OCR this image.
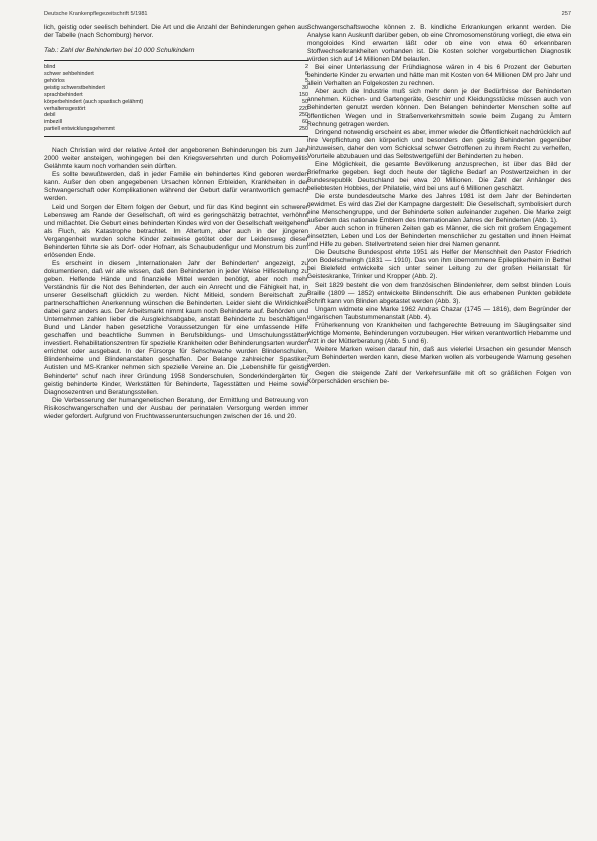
Deutsche Krankenpflegezeitschrift 5/1981	257

lich, geistig oder seelisch behindert. Die Art und die Anzahl der Behinderungen gehen aus der Tabelle (nach Schomburg) hervor.

Tab.: Zahl der Behinderten bei 10 000 Schulkindern
blind	2
schwer sehbehindert	6
gehörlos	5
geistig schwerstbehindert	30
sprachbehindert	150
körperbehindert (auch spastisch gelähmt)	50
verhaltensgestört	220
debil	250
imbezill	60
partiell entwicklungsgehemmt	250

Nach Christian wird der relative Anteil der angeborenen Behinderungen bis zum Jahr 2000 weiter ansteigen, wohingegen bei den Kriegsversehrten und durch Poliomyelitis Gelähmte kaum noch vorhanden sein dürften.

Es sollte bewußtwerden, daß in jeder Familie ein behindertes Kind geboren werden kann. Außer den oben angegebenen Ursachen können Erbleiden, Krankheiten in der Schwangerschaft oder Komplikationen während der Geburt dafür verantwortlich gemacht werden.

Leid und Sorgen der Eltern folgen der Geburt, und für das Kind beginnt ein schwerer Lebensweg am Rande der Gesellschaft, oft wird es geringschätzig betrachtet, verhöhnt und mißachtet. Die Geburt eines behinderten Kindes wird von der Gesellschaft weitgehend als Fluch, als Katastrophe betrachtet. Im Altertum, aber auch in der jüngeren Vergangenheit wurden solche Kinder zeitweise getötet oder der Leidensweg dieser Behinderten führte sie als Dorf- oder Hofnarr, als Schaubudenfigur und Monstrum bis zum erlösenden Ende.

Es erscheint in diesem „Internationalen Jahr der Behinderten“ angezeigt, zu dokumentieren, daß wir alle wissen, daß den Behinderten in jeder Weise Hilfestellung zu geben. Helfende Hände und finanzielle Mittel werden benötigt, aber noch mehr Verständnis für die Not des Behinderten, der auch ein Anrecht und die Fähigkeit hat, in unserer Gesellschaft glücklich zu werden. Nicht Mitleid, sondern Bereitschaft zur partnerschaftlichen Anerkennung wünschen die Behinderten. Leider sieht die Wirklichkeit dabei ganz anders aus. Der Arbeitsmarkt nimmt kaum noch Behinderte auf. Behörden und Unternehmen zahlen lieber die Ausgleichsabgabe, anstatt Behinderte zu beschäftigen. Bund und Länder haben gesetzliche Voraussetzungen für eine umfassende Hilfe geschaffen und beachtliche Summen in Berufsbildungs- und Umschulungsstätten investiert. Rehabilitationszentren für spezielle Krankheiten oder Behinderungsarten wurden errichtet oder ausgebaut. In der Fürsorge für Sehschwache wurden Blindenschulen, Blindenheime und Blindenanstalten geschaffen. Der Belange zahlreicher Spastiker, Autisten und MS-Kranker nehmen sich spezielle Vereine an. Die „Lebenshilfe für geistig Behinderte“ schuf nach ihrer Gründung 1958 Sonderschulen, Sonderkindergärten für geistig behinderte Kinder, Werkstätten für Behinderte, Tagesstätten und Heime sowie Diagnosezentren und Beratungsstellen.

Die Verbesserung der humangenetischen Beratung, der Ermittlung und Betreuung von Risikoschwangerschaften und der Ausbau der perinatalen Versorgung werden immer wieder gefordert. Aufgrund von Fruchtwasseruntersuchungen zwischen der 16. und 20.

Schwangerschaftswoche können z. B. kindliche Erkrankungen erkannt werden. Die Analyse kann Auskunft darüber geben, ob eine Chromosomenstörung vorliegt, die etwa ein mongoloides Kind erwarten läßt oder ob eine von etwa 60 erkennbaren Stoffwechselkrankheiten vorhanden ist. Die Kosten solcher vorgeburtlichen Diagnostik würden sich auf 14 Millionen DM belaufen.

Bei einer Unterlassung der Frühdiagnose wären in 4 bis 6 Prozent der Geburten behinderte Kinder zu erwarten und hätte man mit Kosten von 64 Millionen DM pro Jahr und allein Verhalten an Folgekosten zu rechnen.

Aber auch die Industrie muß sich mehr denn je der Bedürfnisse der Behinderten annehmen. Küchen- und Gartengeräte, Geschirr und Kleidungsstücke müssen auch von Behinderten genutzt werden können. Den Belangen behinderter Menschen sollte auf öffentlichen Wegen und in Straßenverkehrsmitteln sowie beim Zugang zu Ämtern Rechnung getragen werden.

Dringend notwendig erscheint es aber, immer wieder die Öffentlichkeit nachdrücklich auf ihre Verpflichtung den körperlich und besonders den geistig Behinderten gegenüber hinzuweisen, daher den vom Schicksal schwer Getroffenen zu ihrem Recht zu verhelfen, Vorurteile abzubauen und das Selbstwertgefühl der Behinderten zu heben.

Eine Möglichkeit, die gesamte Bevölkerung anzusprechen, ist über das Bild der Briefmarke gegeben. liegt doch heute der tägliche Bedarf an Postwertzeichen in der Bundesrepublik Deutschland bei etwa 20 Millionen. Die Zahl der Anhänger des beliebtesten Hobbies, der Philatelie, wird bei uns auf 6 Millionen geschätzt.

Die erste bundesdeutsche Marke des Jahres 1981 ist dem Jahr der Behinderten gewidmet. Es wird das Ziel der Kampagne dargestellt: Die Gesellschaft, symbolisiert durch eine Menschengruppe, und der Behinderte sollen aufeinander zugehen. Die Marke zeigt außerdem das nationale Emblem des Internationalen Jahres der Behinderten (Abb. 1).

Aber auch schon in früheren Zeiten gab es Männer, die sich mit großem Engagement einsetzten, Leben und Los der Behinderten menschlicher zu gestalten und ihnen Heimat und Hilfe zu geben. Stellvertretend seien hier drei Namen genannt.

Die Deutsche Bundespost ehrte 1951 als Helfer der Menschheit den Pastor Friedrich von Bodelschwingh (1831 — 1910). Das von ihm übernommene Epileptikerheim in Bethel bei Bielefeld entwickelte sich unter seiner Leitung zu der großen Heilanstalt für Geisteskranke, Trinker und Kropper (Abb. 2).

Seit 1829 besteht die von dem französischen Blindenlehrer, dem selbst blinden Louis Braille (1809 — 1852) entwickelte Blindenschrift. Die aus erhabenen Punkten gebildete Schrift kann von Blinden abgetastet werden (Abb. 3).

Ungarn widmete eine Marke 1962 Andras Chazar (1745 — 1816), dem Begründer der ungarischen Taubstummenanstalt (Abb. 4).

Früherkennung von Krankheiten und fachgerechte Betreuung im Säuglingsalter sind wichtige Momente, Behinderungen vorzubeugen. Hier wirken verantwortlich Hebamme und Arzt in der Mütterberatung (Abb. 5 und 6).

Weitere Marken weisen darauf hin, daß aus vielerlei Ursachen ein gesunder Mensch zum Behinderten werden kann, diese Marken wollen als vorbeugende Warnung gesehen werden.

Gegen die steigende Zahl der Verkehrsunfälle mit oft so gräßlichen Folgen von Körperschäden erschien be-
